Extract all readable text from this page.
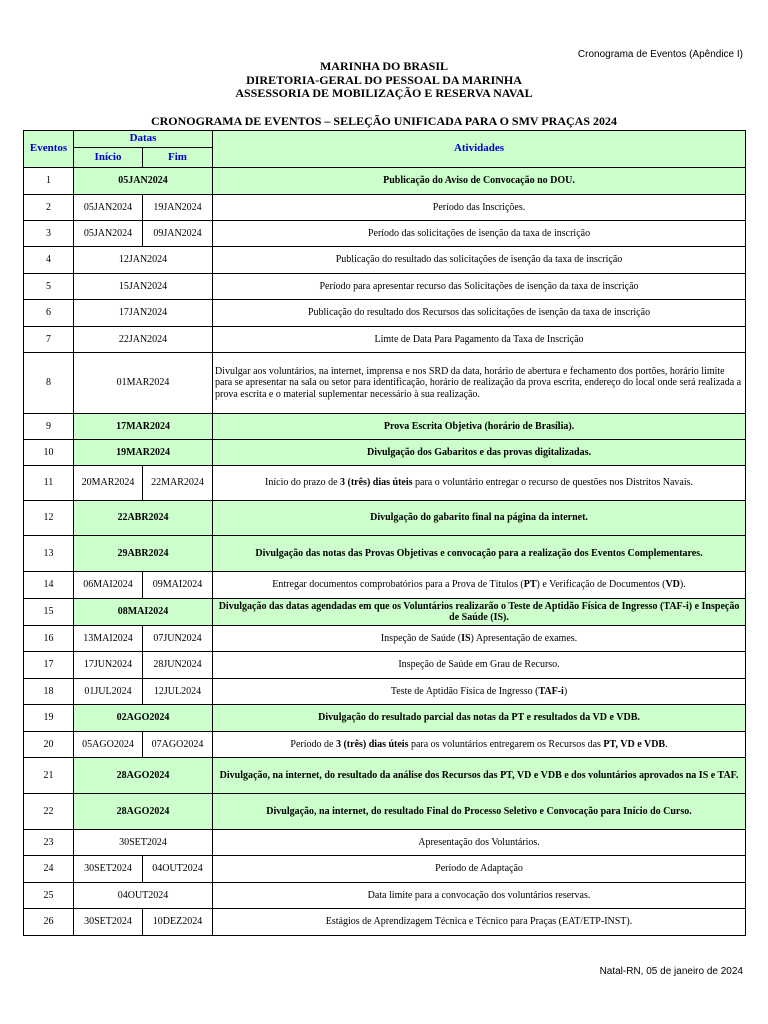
Cronograma de Eventos (Apêndice I)
MARINHA DO BRASIL
DIRETORIA-GERAL DO PESSOAL DA MARINHA
ASSESSORIA DE MOBILIZAÇÃO E RESERVA NAVAL
CRONOGRAMA DE EVENTOS – SELEÇÃO UNIFICADA PARA O SMV PRAÇAS 2024
Eventos	Datas		Atividades
	Início	Fim	
1	05JAN2024		Publicação do Aviso de Convocação no DOU.
2	05JAN2024	19JAN2024	Período das Inscrições.
3	05JAN2024	09JAN2024	Período das solicitações de isenção da taxa de inscrição
4	12JAN2024		Publicação do resultado das solicitações de isenção da taxa de inscrição
5	15JAN2024		Período para apresentar recurso das Solicitações de isenção da taxa de inscrição
6	17JAN2024		Publicação do resultado dos Recursos das solicitações de isenção da taxa de inscrição
7	22JAN2024		Limte de Data Para Pagamento da Taxa de Inscrição
8	01MAR2024		Divulgar aos voluntários, na internet, imprensa e nos SRD da data, horário de abertura e fechamento dos portões, horário limite para se apresentar na sala ou setor para identificação, horário de realização da prova escrita, endereço do local onde será realizada a prova escrita e o material suplementar necessário à sua realização.
9	17MAR2024		Prova Escrita Objetiva (horário de Brasília).
10	19MAR2024		Divulgação dos Gabaritos e das provas digitalizadas.
11	20MAR2024	22MAR2024	Início do prazo de 3 (três) dias úteis para o voluntário entregar o recurso de questões nos Distritos Navais.
12	22ABR2024		Divulgação do gabarito final na página da internet.
13	29ABR2024		Divulgação das notas das Provas Objetivas e convocação para a realização dos Eventos Complementares.
14	06MAI2024	09MAI2024	Entregar documentos comprobatórios para a Prova de Títulos (PT) e Verificação de Documentos (VD).
15	08MAI2024		Divulgação das datas agendadas em que os Voluntários realizarão o Teste de Aptidão Física de Ingresso (TAF-i) e Inspeção de Saúde (IS).
16	13MAI2024	07JUN2024	Inspeção de Saúde (IS) Apresentação de exames.
17	17JUN2024	28JUN2024	Inspeção de Saúde em Grau de Recurso.
18	01JUL2024	12JUL2024	Teste de Aptidão Física de Ingresso (TAF-i)
19	02AGO2024		Divulgação do resultado parcial das notas da PT e resultados da VD e VDB.
20	05AGO2024	07AGO2024	Período de 3 (três) dias úteis para os voluntários entregarem os Recursos das PT, VD e VDB.
21	28AGO2024		Divulgação, na internet, do resultado da análise dos Recursos das PT, VD e VDB e dos voluntários aprovados na IS e TAF.
22	28AGO2024		Divulgação, na internet, do resultado Final do Processo Seletivo e Convocação para Início do Curso.
23	30SET2024		Apresentação dos Voluntários.
24	30SET2024	04OUT2024	Período de Adaptação
25	04OUT2024		Data limite para a convocação dos voluntários reservas.
26	30SET2024	10DEZ2024	Estágios de Aprendizagem Técnica e Técnico para Praças (EAT/ETP-INST).
Natal-RN, 05 de janeiro de 2024
